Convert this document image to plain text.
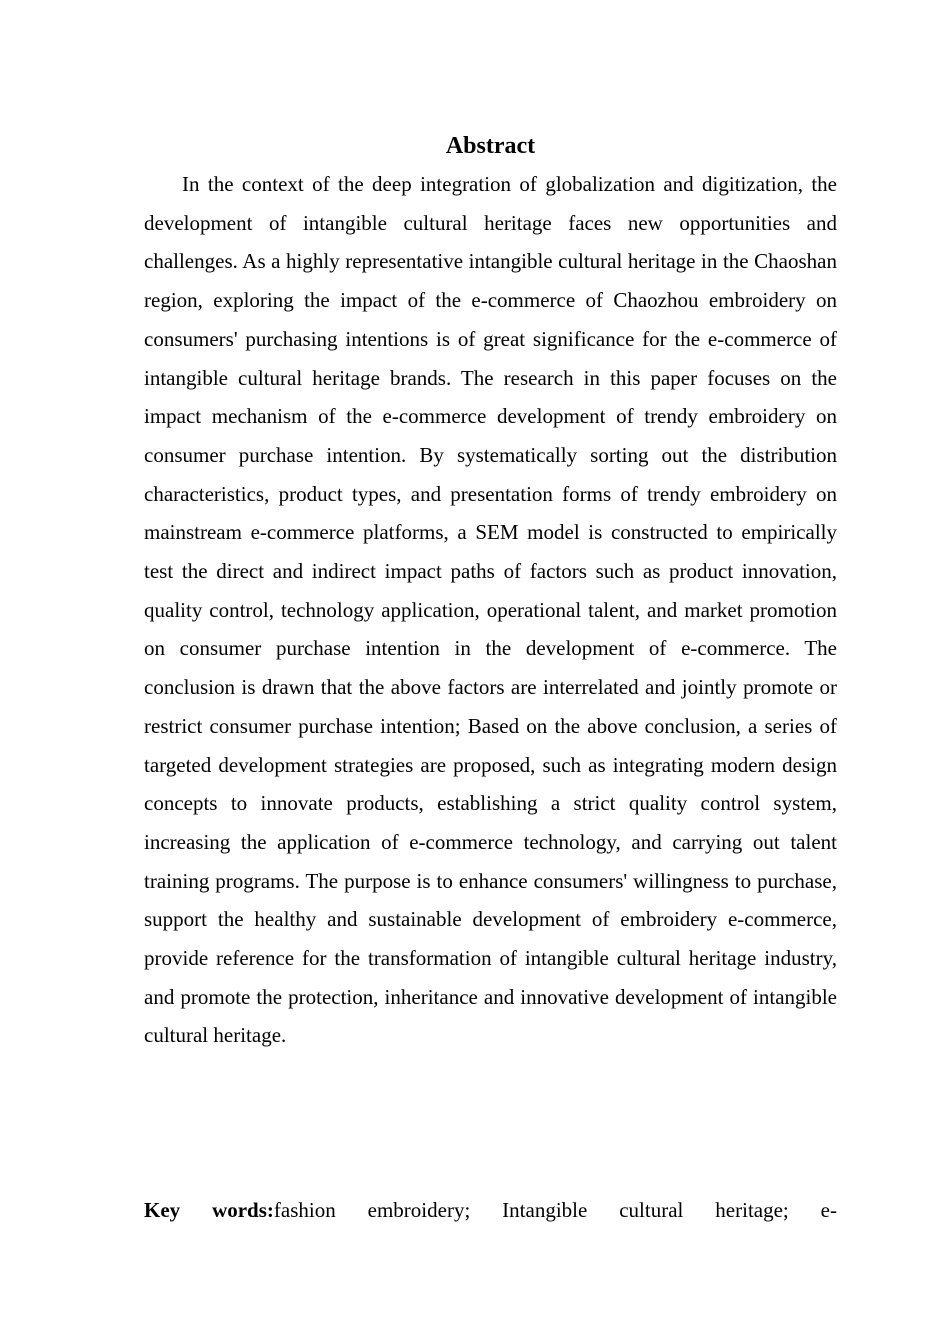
Abstract

In the context of the deep integration of globalization and digitization, the development of intangible cultural heritage faces new opportunities and challenges. As a highly representative intangible cultural heritage in the Chaoshan region, exploring the impact of the e-commerce of Chaozhou embroidery on consumers' purchasing intentions is of great significance for the e-commerce of intangible cultural heritage brands. The research in this paper focuses on the impact mechanism of the e-commerce development of trendy embroidery on consumer purchase intention. By systematically sorting out the distribution characteristics, product types, and presentation forms of trendy embroidery on mainstream e-commerce platforms, a SEM model is constructed to empirically test the direct and indirect impact paths of factors such as product innovation, quality control, technology application, operational talent, and market promotion on consumer purchase intention in the development of e-commerce. The conclusion is drawn that the above factors are interrelated and jointly promote or restrict consumer purchase intention; Based on the above conclusion, a series of targeted development strategies are proposed, such as integrating modern design concepts to innovate products, establishing a strict quality control system, increasing the application of e-commerce technology, and carrying out talent training programs. The purpose is to enhance consumers' willingness to purchase, support the healthy and sustainable development of embroidery e-commerce, provide reference for the transformation of intangible cultural heritage industry, and promote the protection, inheritance and innovative development of intangible cultural heritage.

Key words:fashion embroidery; Intangible cultural heritage; e-
